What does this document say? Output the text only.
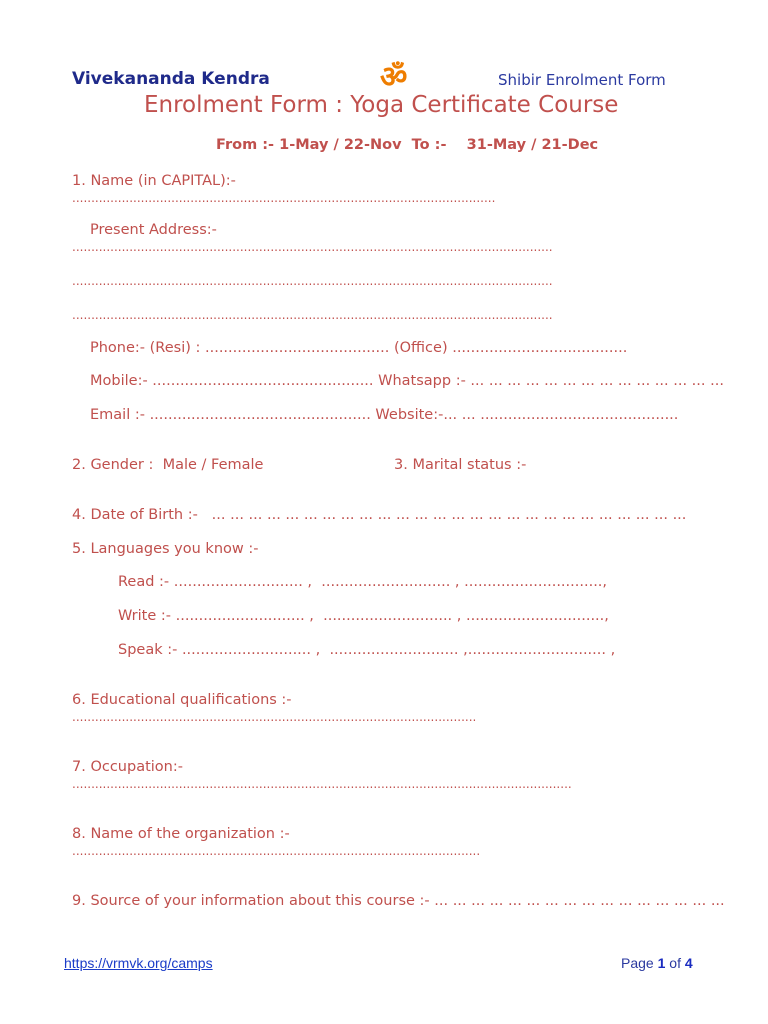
Vivekananda Kendra	ॐ	Shibir Enrolment Form
Enrolment Form : Yoga Certificate Course
From :- 1-May / 22-Nov  To :-    31-May / 21-Dec
1. Name (in CAPITAL):-
...............................................................................................................
Present Address:-
..............................................................................................................................
..............................................................................................................................
..............................................................................................................................
Phone:- (Resi) : ........................................ (Office) ......................................
Mobile:- ................................................ Whatsapp :- ... ... ... ... ... ... ... ... ... ... ... ... ... ...
Email :- ................................................ Website:-... ... ...........................................
2. Gender :  Male / Female	3. Marital status :-
4. Date of Birth :-   ... ... ... ... ... ... ... ... ... ... ... ... ... ... ... ... ... ... ... ... ... ... ... ... ... ...
5. Languages you know :-
Read :- ............................ ,  ............................ , ..............................,
Write :- ............................ ,  ............................ , ..............................,
Speak :- ............................ ,  ............................ ,.............................. ,
6. Educational qualifications :-
..........................................................................................................
7. Occupation:-
...................................................................................................................................
8. Name of the organization :-
...........................................................................................................
9. Source of your information about this course :- ... ... ... ... ... ... ... ... ... ... ... ... ... ... ... ...
https://vrmvk.org/camps	Page 1 of 4
